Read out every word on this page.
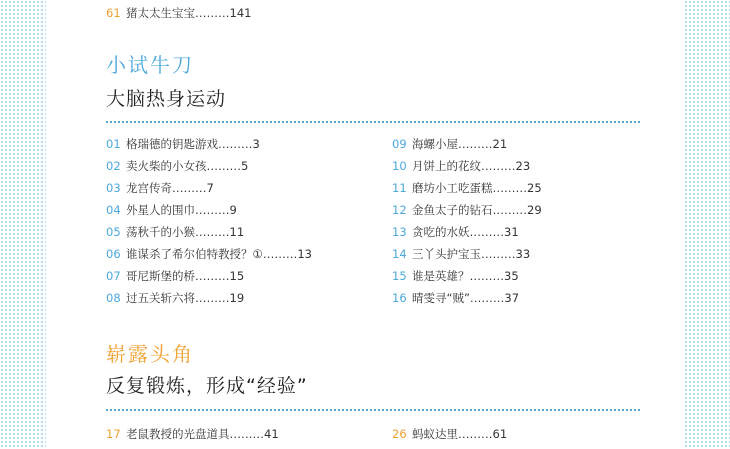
61 猪太太生宝宝………141
小试牛刀
大脑热身运动
01 格瑞德的钥匙游戏………3
02 卖火柴的小女孩………5
03 龙宫传奇………7
04 外星人的围巾………9
05 荡秋千的小猴………11
06 谁谋杀了希尔伯特教授？①………13
07 哥尼斯堡的桥………15
08 过五关斩六将………19
09 海螺小屋………21
10 月饼上的花纹………23
11 磨坊小工吃蛋糕………25
12 金鱼太子的钻石………29
13 贪吃的水妖………31
14 三丫头护宝玉………33
15 谁是英雄？………35
16 晴雯寻“贼”………37
崭露头角
反复锻炼，形成“经验”
17 老鼠教授的光盘道具………41	26 蚂蚁达里………61
